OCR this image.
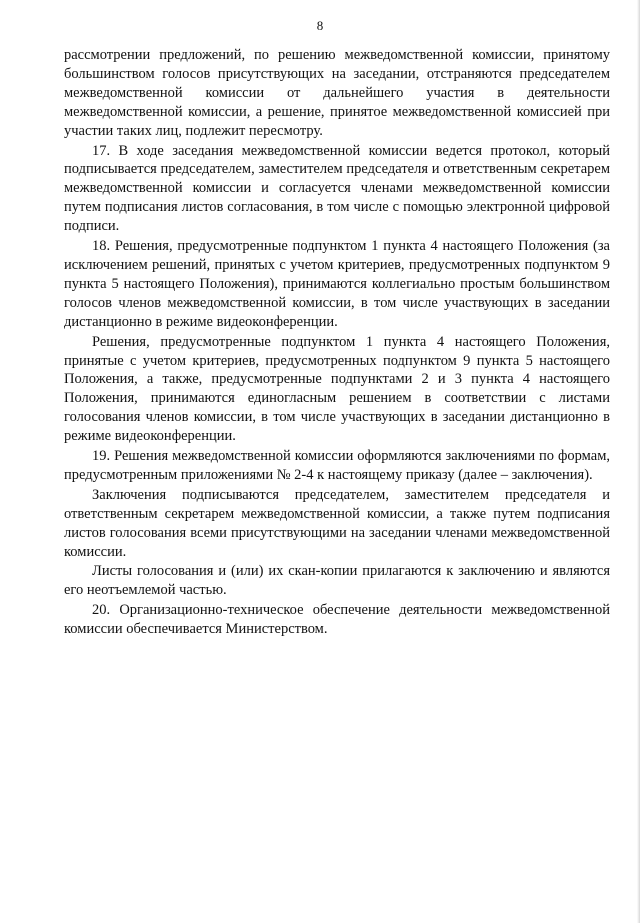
8

рассмотрении предложений, по решению межведомственной комиссии, принятому большинством голосов присутствующих на заседании, отстраняются председателем межведомственной комиссии от дальнейшего участия в деятельности межведомственной комиссии, а решение, принятое межведомственной комиссией при участии таких лиц, подлежит пересмотру.

17. В ходе заседания межведомственной комиссии ведется протокол, который подписывается председателем, заместителем председателя и ответственным секретарем межведомственной комиссии и согласуется членами межведомственной комиссии путем подписания листов согласования, в том числе с помощью электронной цифровой подписи.

18. Решения, предусмотренные подпунктом 1 пункта 4 настоящего Положения (за исключением решений, принятых с учетом критериев, предусмотренных подпунктом 9 пункта 5 настоящего Положения), принимаются коллегиально простым большинством голосов членов межведомственной комиссии, в том числе участвующих в заседании дистанционно в режиме видеоконференции.

Решения, предусмотренные подпунктом 1 пункта 4 настоящего Положения, принятые с учетом критериев, предусмотренных подпунктом 9 пункта 5 настоящего Положения, а также, предусмотренные подпунктами 2 и 3 пункта 4 настоящего Положения, принимаются единогласным решением в соответствии с листами голосования членов комиссии, в том числе участвующих в заседании дистанционно в режиме видеоконференции.

19. Решения межведомственной комиссии оформляются заключениями по формам, предусмотренным приложениями № 2-4 к настоящему приказу (далее – заключения).

Заключения подписываются председателем, заместителем председателя и ответственным секретарем межведомственной комиссии, а также путем подписания листов голосования всеми присутствующими на заседании членами межведомственной комиссии.

Листы голосования и (или) их скан-копии прилагаются к заключению и являются его неотъемлемой частью.

20. Организационно-техническое обеспечение деятельности межведомственной комиссии обеспечивается Министерством.
